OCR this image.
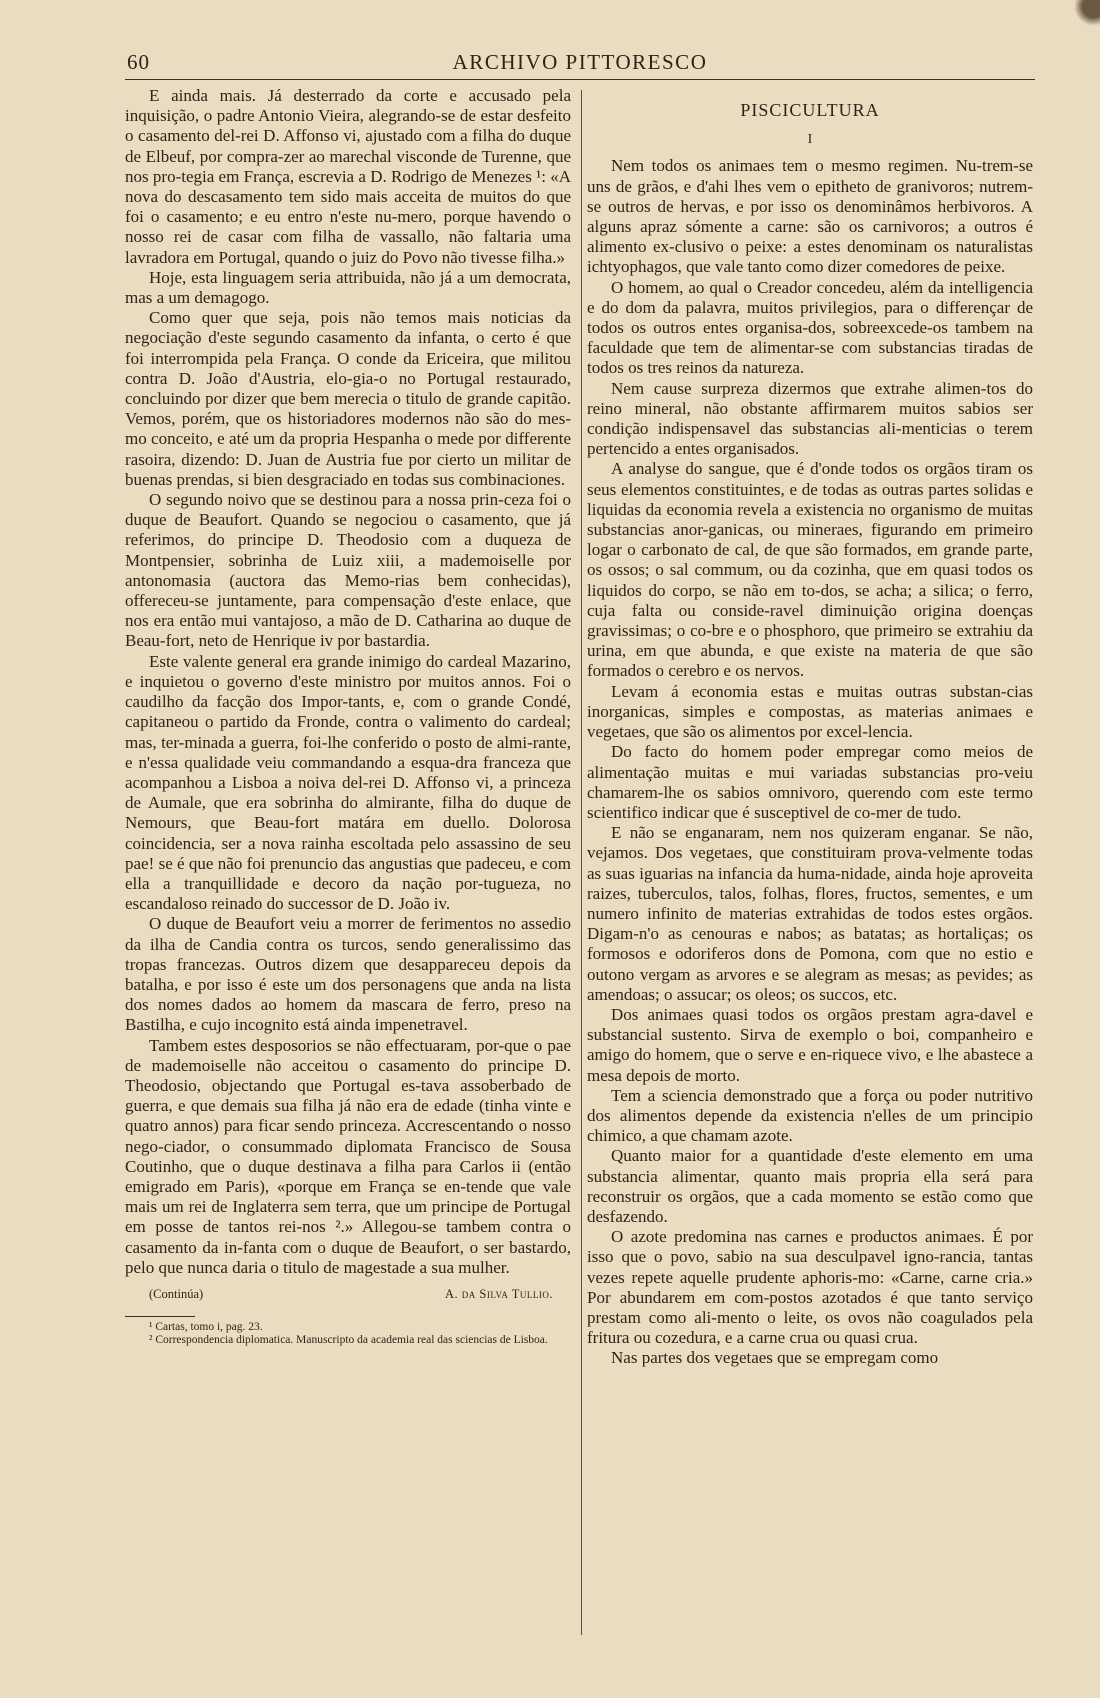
60	ARCHIVO PITTORESCO

E ainda mais. Já desterrado da corte e accusado pela inquisição, o padre Antonio Vieira, alegrando-se de estar desfeito o casamento del-rei D. Affonso vi, ajustado com a filha do duque de Elbeuf, por compra-zer ao marechal visconde de Turenne, que nos pro-tegia em França, escrevia a D. Rodrigo de Menezes ¹: «A nova do descasamento tem sido mais acceita de muitos do que foi o casamento; e eu entro n'este nu-mero, porque havendo o nosso rei de casar com filha de vassallo, não faltaria uma lavradora em Portugal, quando o juiz do Povo não tivesse filha.»

Hoje, esta linguagem seria attribuida, não já a um democrata, mas a um demagogo.

Como quer que seja, pois não temos mais noticias da negociação d'este segundo casamento da infanta, o certo é que foi interrompida pela França. O conde da Ericeira, que militou contra D. João d'Austria, elo-gia-o no Portugal restaurado, concluindo por dizer que bem merecia o titulo de grande capitão. Vemos, porém, que os historiadores modernos não são do mes-mo conceito, e até um da propria Hespanha o mede por differente rasoira, dizendo: D. Juan de Austria fue por cierto un militar de buenas prendas, si bien desgraciado en todas sus combinaciones.

O segundo noivo que se destinou para a nossa prin-ceza foi o duque de Beaufort. Quando se negociou o casamento, que já referimos, do principe D. Theodosio com a duqueza de Montpensier, sobrinha de Luiz xiii, a mademoiselle por antonomasia (auctora das Memo-rias bem conhecidas), offereceu-se juntamente, para compensação d'este enlace, que nos era então mui vantajoso, a mão de D. Catharina ao duque de Beau-fort, neto de Henrique iv por bastardia.

Este valente general era grande inimigo do cardeal Mazarino, e inquietou o governo d'este ministro por muitos annos. Foi o caudilho da facção dos Impor-tants, e, com o grande Condé, capitaneou o partido da Fronde, contra o valimento do cardeal; mas, ter-minada a guerra, foi-lhe conferido o posto de almi-rante, e n'essa qualidade veiu commandando a esqua-dra franceza que acompanhou a Lisboa a noiva del-rei D. Affonso vi, a princeza de Aumale, que era sobrinha do almirante, filha do duque de Nemours, que Beau-fort matára em duello. Dolorosa coincidencia, ser a nova rainha escoltada pelo assassino de seu pae! se é que não foi prenuncio das angustias que padeceu, e com ella a tranquillidade e decoro da nação por-tugueza, no escandaloso reinado do successor de D. João iv.

O duque de Beaufort veiu a morrer de ferimentos no assedio da ilha de Candia contra os turcos, sendo generalissimo das tropas francezas. Outros dizem que desappareceu depois da batalha, e por isso é este um dos personagens que anda na lista dos nomes dados ao homem da mascara de ferro, preso na Bastilha, e cujo incognito está ainda impenetravel.

Tambem estes desposorios se não effectuaram, por-que o pae de mademoiselle não acceitou o casamento do principe D. Theodosio, objectando que Portugal es-tava assoberbado de guerra, e que demais sua filha já não era de edade (tinha vinte e quatro annos) para ficar sendo princeza. Accrescentando o nosso nego-ciador, o consummado diplomata Francisco de Sousa Coutinho, que o duque destinava a filha para Carlos ii (então emigrado em Paris), «porque em França se en-tende que vale mais um rei de Inglaterra sem terra, que um principe de Portugal em posse de tantos rei-nos ².» Allegou-se tambem contra o casamento da in-fanta com o duque de Beaufort, o ser bastardo, pelo que nunca daria o titulo de magestade a sua mulher.

(Continúa)	A. da Silva Tullio.

¹ Cartas, tomo i, pag. 23.

² Correspondencia diplomatica. Manuscripto da academia real das sciencias de Lisboa.

PISCICULTURA
I

Nem todos os animaes tem o mesmo regimen. Nu-trem-se uns de grãos, e d'ahi lhes vem o epitheto de granivoros; nutrem-se outros de hervas, e por isso os denominâmos herbivoros. A alguns apraz sómente a carne: são os carnivoros; a outros é alimento ex-clusivo o peixe: a estes denominam os naturalistas ichtyophagos, que vale tanto como dizer comedores de peixe.

O homem, ao qual o Creador concedeu, além da intelligencia e do dom da palavra, muitos privilegios, para o differençar de todos os outros entes organisa-dos, sobreexcede-os tambem na faculdade que tem de alimentar-se com substancias tiradas de todos os tres reinos da natureza.

Nem cause surpreza dizermos que extrahe alimen-tos do reino mineral, não obstante affirmarem muitos sabios ser condição indispensavel das substancias ali-menticias o terem pertencido a entes organisados.

A analyse do sangue, que é d'onde todos os orgãos tiram os seus elementos constituintes, e de todas as outras partes solidas e liquidas da economia revela a existencia no organismo de muitas substancias anor-ganicas, ou mineraes, figurando em primeiro logar o carbonato de cal, de que são formados, em grande parte, os ossos; o sal commum, ou da cozinha, que em quasi todos os liquidos do corpo, se não em to-dos, se acha; a silica; o ferro, cuja falta ou conside-ravel diminuição origina doenças gravissimas; o co-bre e o phosphoro, que primeiro se extrahiu da urina, em que abunda, e que existe na materia de que são formados o cerebro e os nervos.

Levam á economia estas e muitas outras substan-cias inorganicas, simples e compostas, as materias animaes e vegetaes, que são os alimentos por excel-lencia.

Do facto do homem poder empregar como meios de alimentação muitas e mui variadas substancias pro-veiu chamarem-lhe os sabios omnivoro, querendo com este termo scientifico indicar que é susceptivel de co-mer de tudo.

E não se enganaram, nem nos quizeram enganar. Se não, vejamos. Dos vegetaes, que constituiram prova-velmente todas as suas iguarias na infancia da huma-nidade, ainda hoje aproveita raizes, tuberculos, talos, folhas, flores, fructos, sementes, e um numero infinito de materias extrahidas de todos estes orgãos. Digam-n'o as cenouras e nabos; as batatas; as hortaliças; os formosos e odoriferos dons de Pomona, com que no estio e outono vergam as arvores e se alegram as mesas; as pevides; as amendoas; o assucar; os oleos; os succos, etc.

Dos animaes quasi todos os orgãos prestam agra-davel e substancial sustento. Sirva de exemplo o boi, companheiro e amigo do homem, que o serve e en-riquece vivo, e lhe abastece a mesa depois de morto.

Tem a sciencia demonstrado que a força ou poder nutritivo dos alimentos depende da existencia n'elles de um principio chimico, a que chamam azote.

Quanto maior for a quantidade d'este elemento em uma substancia alimentar, quanto mais propria ella será para reconstruir os orgãos, que a cada momento se estão como que desfazendo.

O azote predomina nas carnes e productos animaes. É por isso que o povo, sabio na sua desculpavel igno-rancia, tantas vezes repete aquelle prudente aphoris-mo: «Carne, carne cria.» Por abundarem em com-postos azotados é que tanto serviço prestam como ali-mento o leite, os ovos não coagulados pela fritura ou cozedura, e a carne crua ou quasi crua.

Nas partes dos vegetaes que se empregam como
